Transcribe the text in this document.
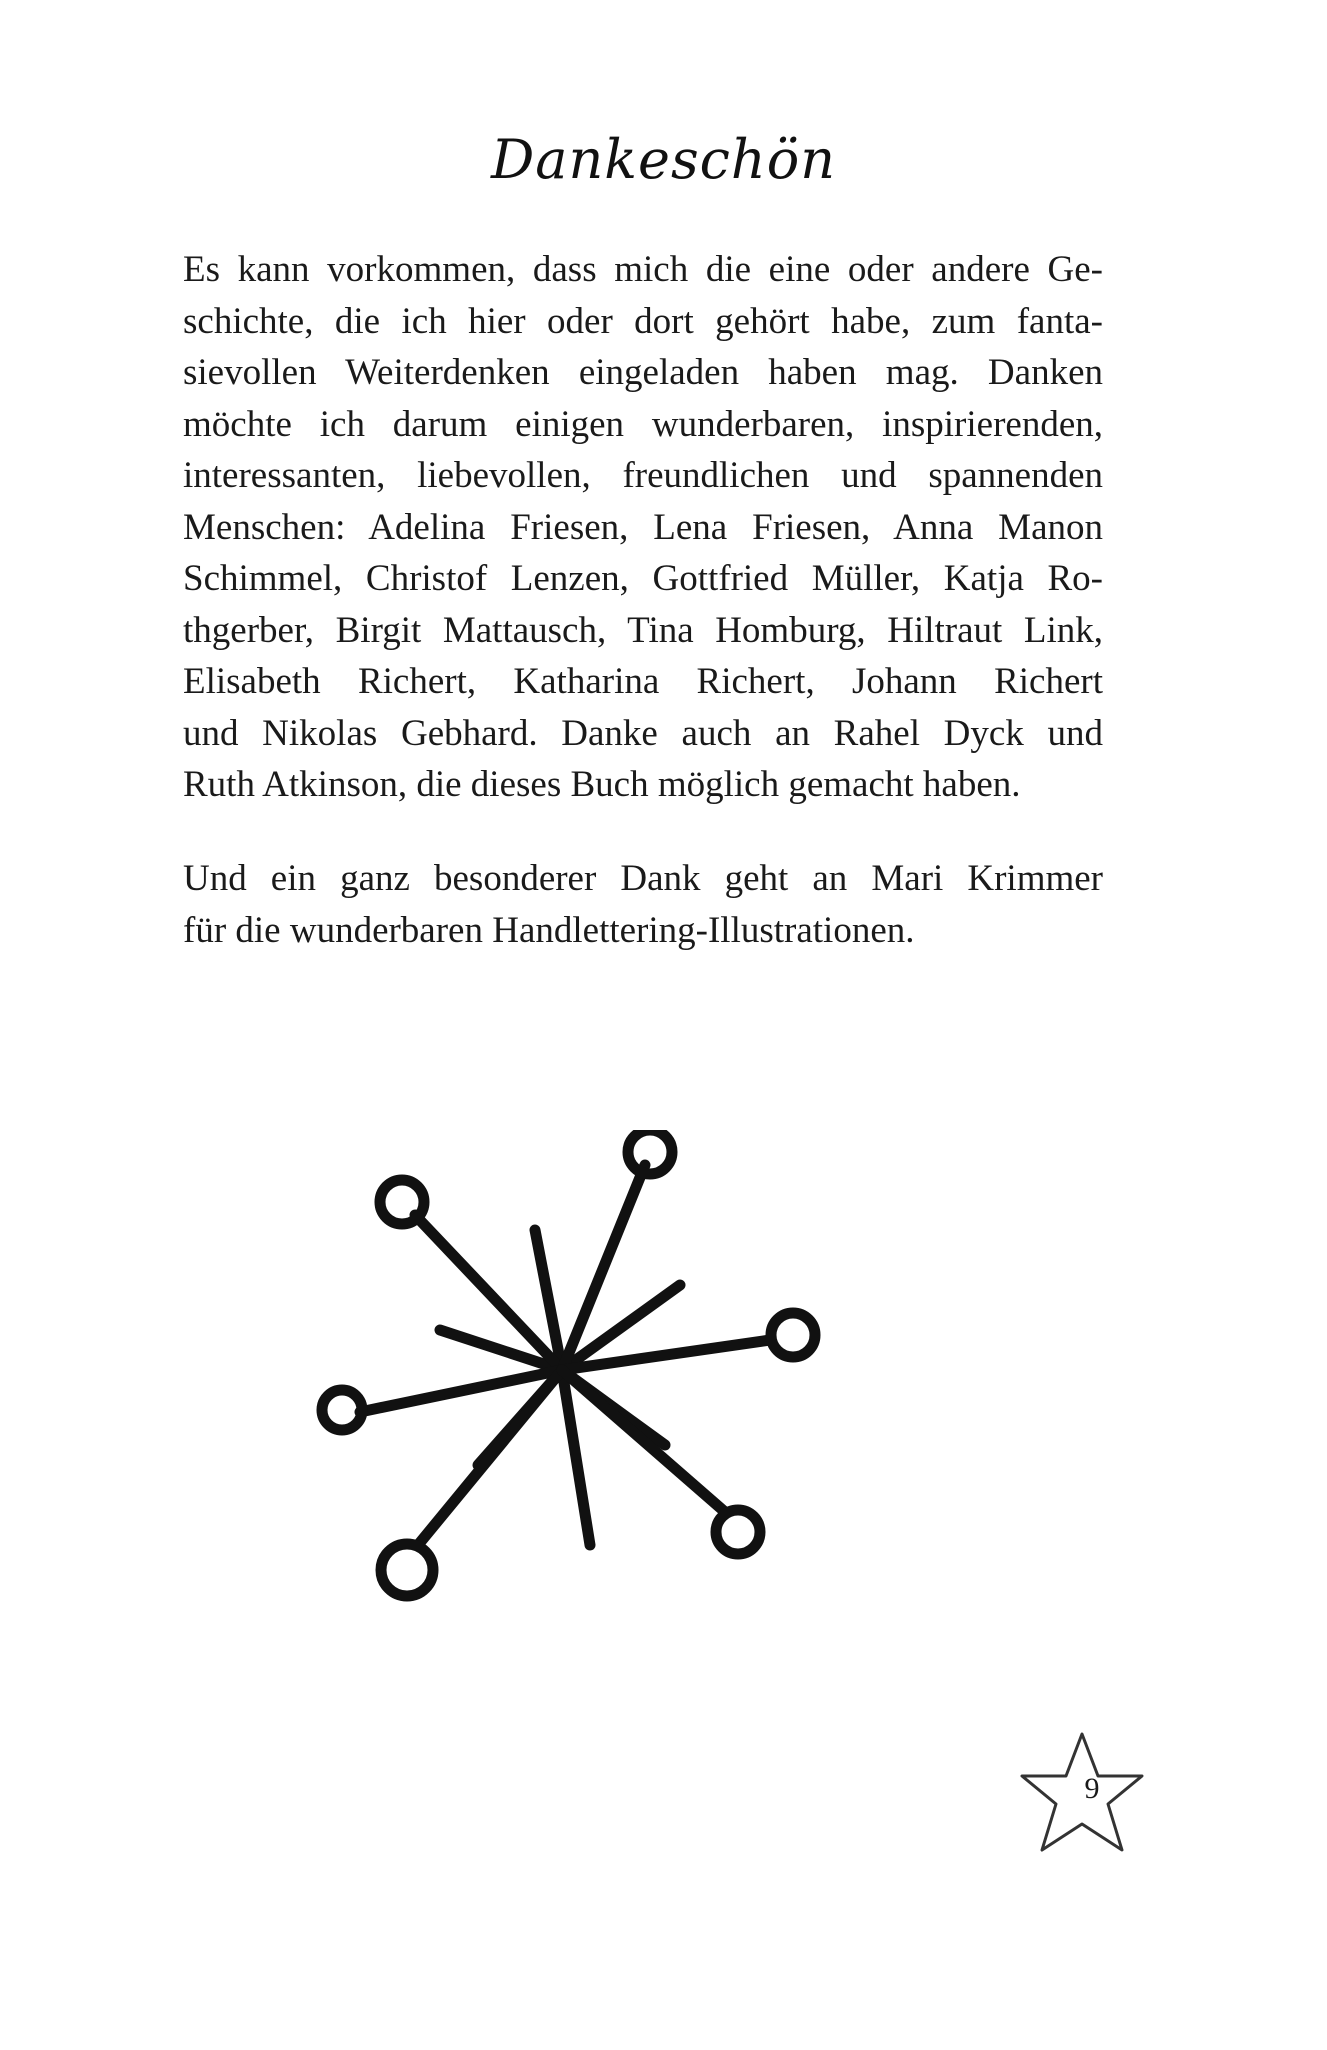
Dankeschön
Es kann vorkommen, dass mich die eine oder andere Ge-
schichte, die ich hier oder dort gehört habe, zum fanta-
sievollen Weiterdenken eingeladen haben mag. Danken
möchte ich darum einigen wunderbaren, inspirierenden,
interessanten, liebevollen, freundlichen und spannenden
Menschen: Adelina Friesen, Lena Friesen, Anna Manon
Schimmel, Christof Lenzen, Gottfried Müller, Katja Ro-
thgerber, Birgit Mattausch, Tina Homburg, Hiltraut Link,
Elisabeth Richert, Katharina Richert, Johann Richert
und Nikolas Gebhard. Danke auch an Rahel Dyck und
Ruth Atkinson, die dieses Buch möglich gemacht haben.
Und ein ganz besonderer Dank geht an Mari Krimmer
für die wunderbaren Handlettering-Illustrationen.
9
